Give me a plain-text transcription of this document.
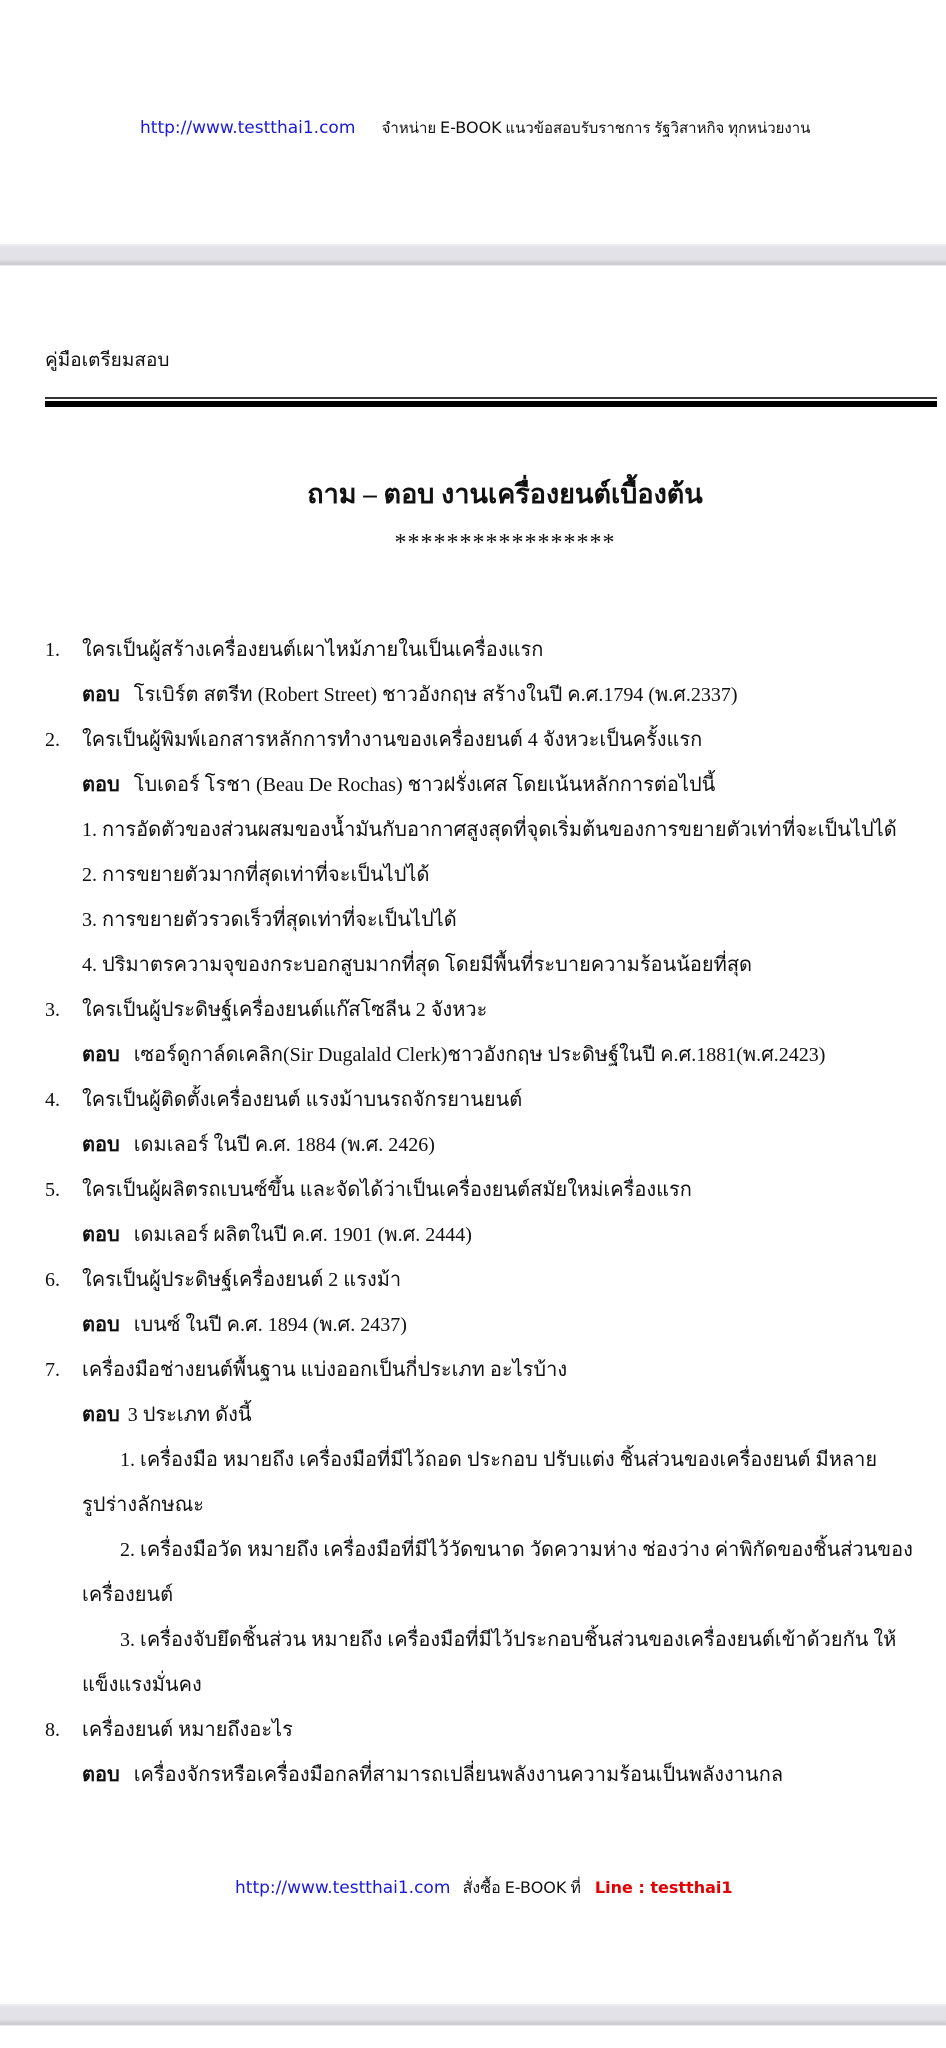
http://www.testthai1.com จำหน่าย E-BOOK แนวข้อสอบรับราชการ รัฐวิสาหกิจ ทุกหน่วยงาน
คู่มือเตรียมสอบ
ถาม – ตอบ งานเครื่องยนต์เบื้องต้น
*****************
1. ใครเป็นผู้สร้างเครื่องยนต์เผาไหม้ภายในเป็นเครื่องแรก
ตอบ โรเบิร์ต สตรีท (Robert Street) ชาวอังกฤษ สร้างในปี ค.ศ.1794 (พ.ศ.2337)
2. ใครเป็นผู้พิมพ์เอกสารหลักการทำงานของเครื่องยนต์ 4 จังหวะเป็นครั้งแรก
ตอบ โบเดอร์ โรชา (Beau De Rochas) ชาวฝรั่งเศส โดยเน้นหลักการต่อไปนี้
1. การอัดตัวของส่วนผสมของน้ำมันกับอากาศสูงสุดที่จุดเริ่มต้นของการขยายตัวเท่าที่จะเป็นไปได้
2. การขยายตัวมากที่สุดเท่าที่จะเป็นไปได้
3. การขยายตัวรวดเร็วที่สุดเท่าที่จะเป็นไปได้
4. ปริมาตรความจุของกระบอกสูบมากที่สุด โดยมีพื้นที่ระบายความร้อนน้อยที่สุด
3. ใครเป็นผู้ประดิษฐ์เครื่องยนต์แก๊สโซลีน 2 จังหวะ
ตอบ เซอร์ดูกาล์ดเคลิก(Sir Dugalald Clerk)ชาวอังกฤษ ประดิษฐ์ในปี ค.ศ.1881(พ.ศ.2423)
4. ใครเป็นผู้ติดตั้งเครื่องยนต์ แรงม้าบนรถจักรยานยนต์
ตอบ เดมเลอร์ ในปี ค.ศ. 1884 (พ.ศ. 2426)
5. ใครเป็นผู้ผลิตรถเบนซ์ขึ้น และจัดได้ว่าเป็นเครื่องยนต์สมัยใหม่เครื่องแรก
ตอบ เดมเลอร์ ผลิตในปี ค.ศ. 1901 (พ.ศ. 2444)
6. ใครเป็นผู้ประดิษฐ์เครื่องยนต์ 2 แรงม้า
ตอบ เบนซ์ ในปี ค.ศ. 1894 (พ.ศ. 2437)
7. เครื่องมือช่างยนต์พื้นฐาน แบ่งออกเป็นกี่ประเภท อะไรบ้าง
ตอบ 3 ประเภท ดังนี้
1. เครื่องมือ หมายถึง เครื่องมือที่มีไว้ถอด ประกอบ ปรับแต่ง ชิ้นส่วนของเครื่องยนต์ มีหลาย
รูปร่างลักษณะ
2. เครื่องมือวัด หมายถึง เครื่องมือที่มีไว้วัดขนาด วัดความห่าง ช่องว่าง ค่าพิกัดของชิ้นส่วนของ
เครื่องยนต์
3. เครื่องจับยึดชิ้นส่วน หมายถึง เครื่องมือที่มีไว้ประกอบชิ้นส่วนของเครื่องยนต์เข้าด้วยกัน ให้
แข็งแรงมั่นคง
8. เครื่องยนต์ หมายถึงอะไร
ตอบ เครื่องจักรหรือเครื่องมือกลที่สามารถเปลี่ยนพลังงานความร้อนเป็นพลังงานกล
http://www.testthai1.com สั่งซื้อ E-BOOK ที่ Line : testthai1
